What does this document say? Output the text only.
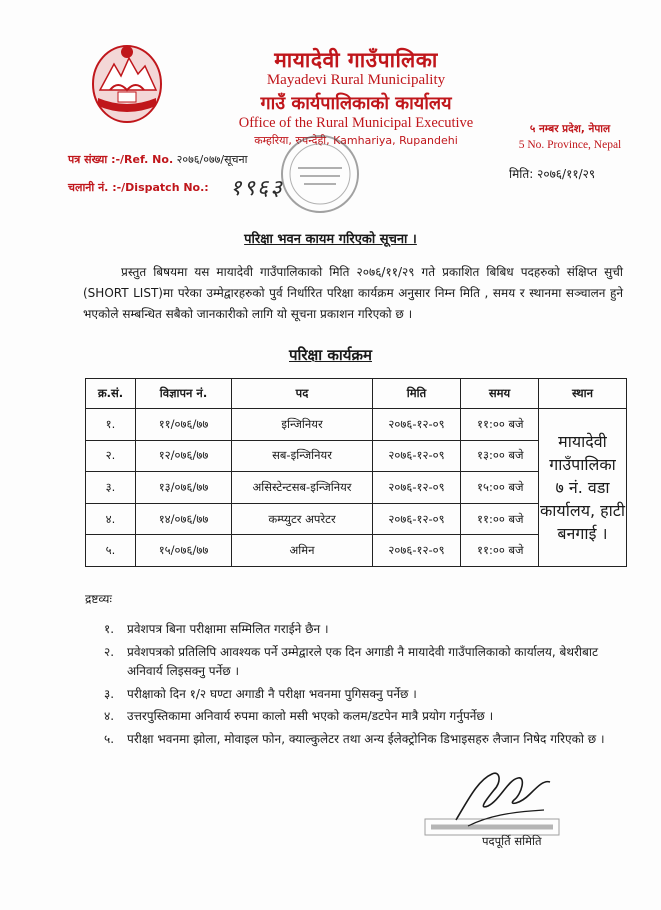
मायादेवी गाउँपालिका
Mayadevi Rural Municipality
गाउँ कार्यपालिकाको कार्यालय
Office of the Rural Municipal Executive
कम्हरिया, रुपन्देही, Kamhariya, Rupandehi
५ नम्बर प्रदेश, नेपाल
5 No. Province, Nepal
पत्र संख्या :-/Ref. No. २०७६/०७७/सूचना
चलानी नं. :-/Dispatch No.: १९६३
मिति: २०७६/११/२९
परिक्षा भवन कायम गरिएको सूचना ।

प्रस्तुत बिषयमा यस मायादेवी गाउँपालिकाको मिति २०७६/११/२९ गते प्रकाशित बिबिध पदहरुको संक्षिप्त सुची (SHORT LIST)मा परेका उम्मेद्वारहरुको पुर्व निर्धारित परिक्षा कार्यक्रम अनुसार निम्न मिति , समय र स्थानमा सञ्चालन हुने भएकोले सम्बन्धित सबैको जानकारीको लागि यो सूचना प्रकाशन गरिएको छ ।

परिक्षा कार्यक्रम
क्र.सं.	विज्ञापन नं.	पद	मिति	समय	स्थान
१.	११/०७६/७७	इन्जिनियर	२०७६-१२-०९	११:०० बजे	मायादेवी
गाउँपालिका
७ नं. वडा
कार्यालय, हाटी
बनगाई ।

२.	१२/०७६/७७	सब-इन्जिनियर	२०७६-१२-०९	१३:०० बजे	
३.	१३/०७६/७७	असिस्टेन्टसब-इन्जिनियर	२०७६-१२-०९	१५:०० बजे	
४.	१४/०७६/७७	कम्प्युटर अपरेटर	२०७६-१२-०९	११:०० बजे	
५.	१५/०७६/७७	अमिन	२०७६-१२-०९	११:०० बजे	
द्रष्टव्यः
१. प्रवेशपत्र बिना परीक्षामा सम्मिलित गराईने छैन ।
२. प्रवेशपत्रको प्रतिलिपि आवश्यक पर्ने उम्मेद्वारले एक दिन अगाडी नै मायादेवी गाउँपालिकाको कार्यालय, बेथरीबाट अनिवार्य लिइसक्नु पर्नेछ ।
३. परीक्षाको दिन १/२ घण्टा अगाडी नै परीक्षा भवनमा पुगिसक्नु पर्नेछ ।
४. उत्तरपुस्तिकामा अनिवार्य रुपमा कालो मसी भएको कलम/डटपेन मात्रै प्रयोग गर्नुपर्नेछ ।
५. परीक्षा भवनमा झोला, मोवाइल फोन, क्याल्कुलेटर तथा अन्य ईलेक्ट्रोनिक डिभाइसहरु लैजान निषेद गरिएको छ ।
पदपूर्ति समिति
